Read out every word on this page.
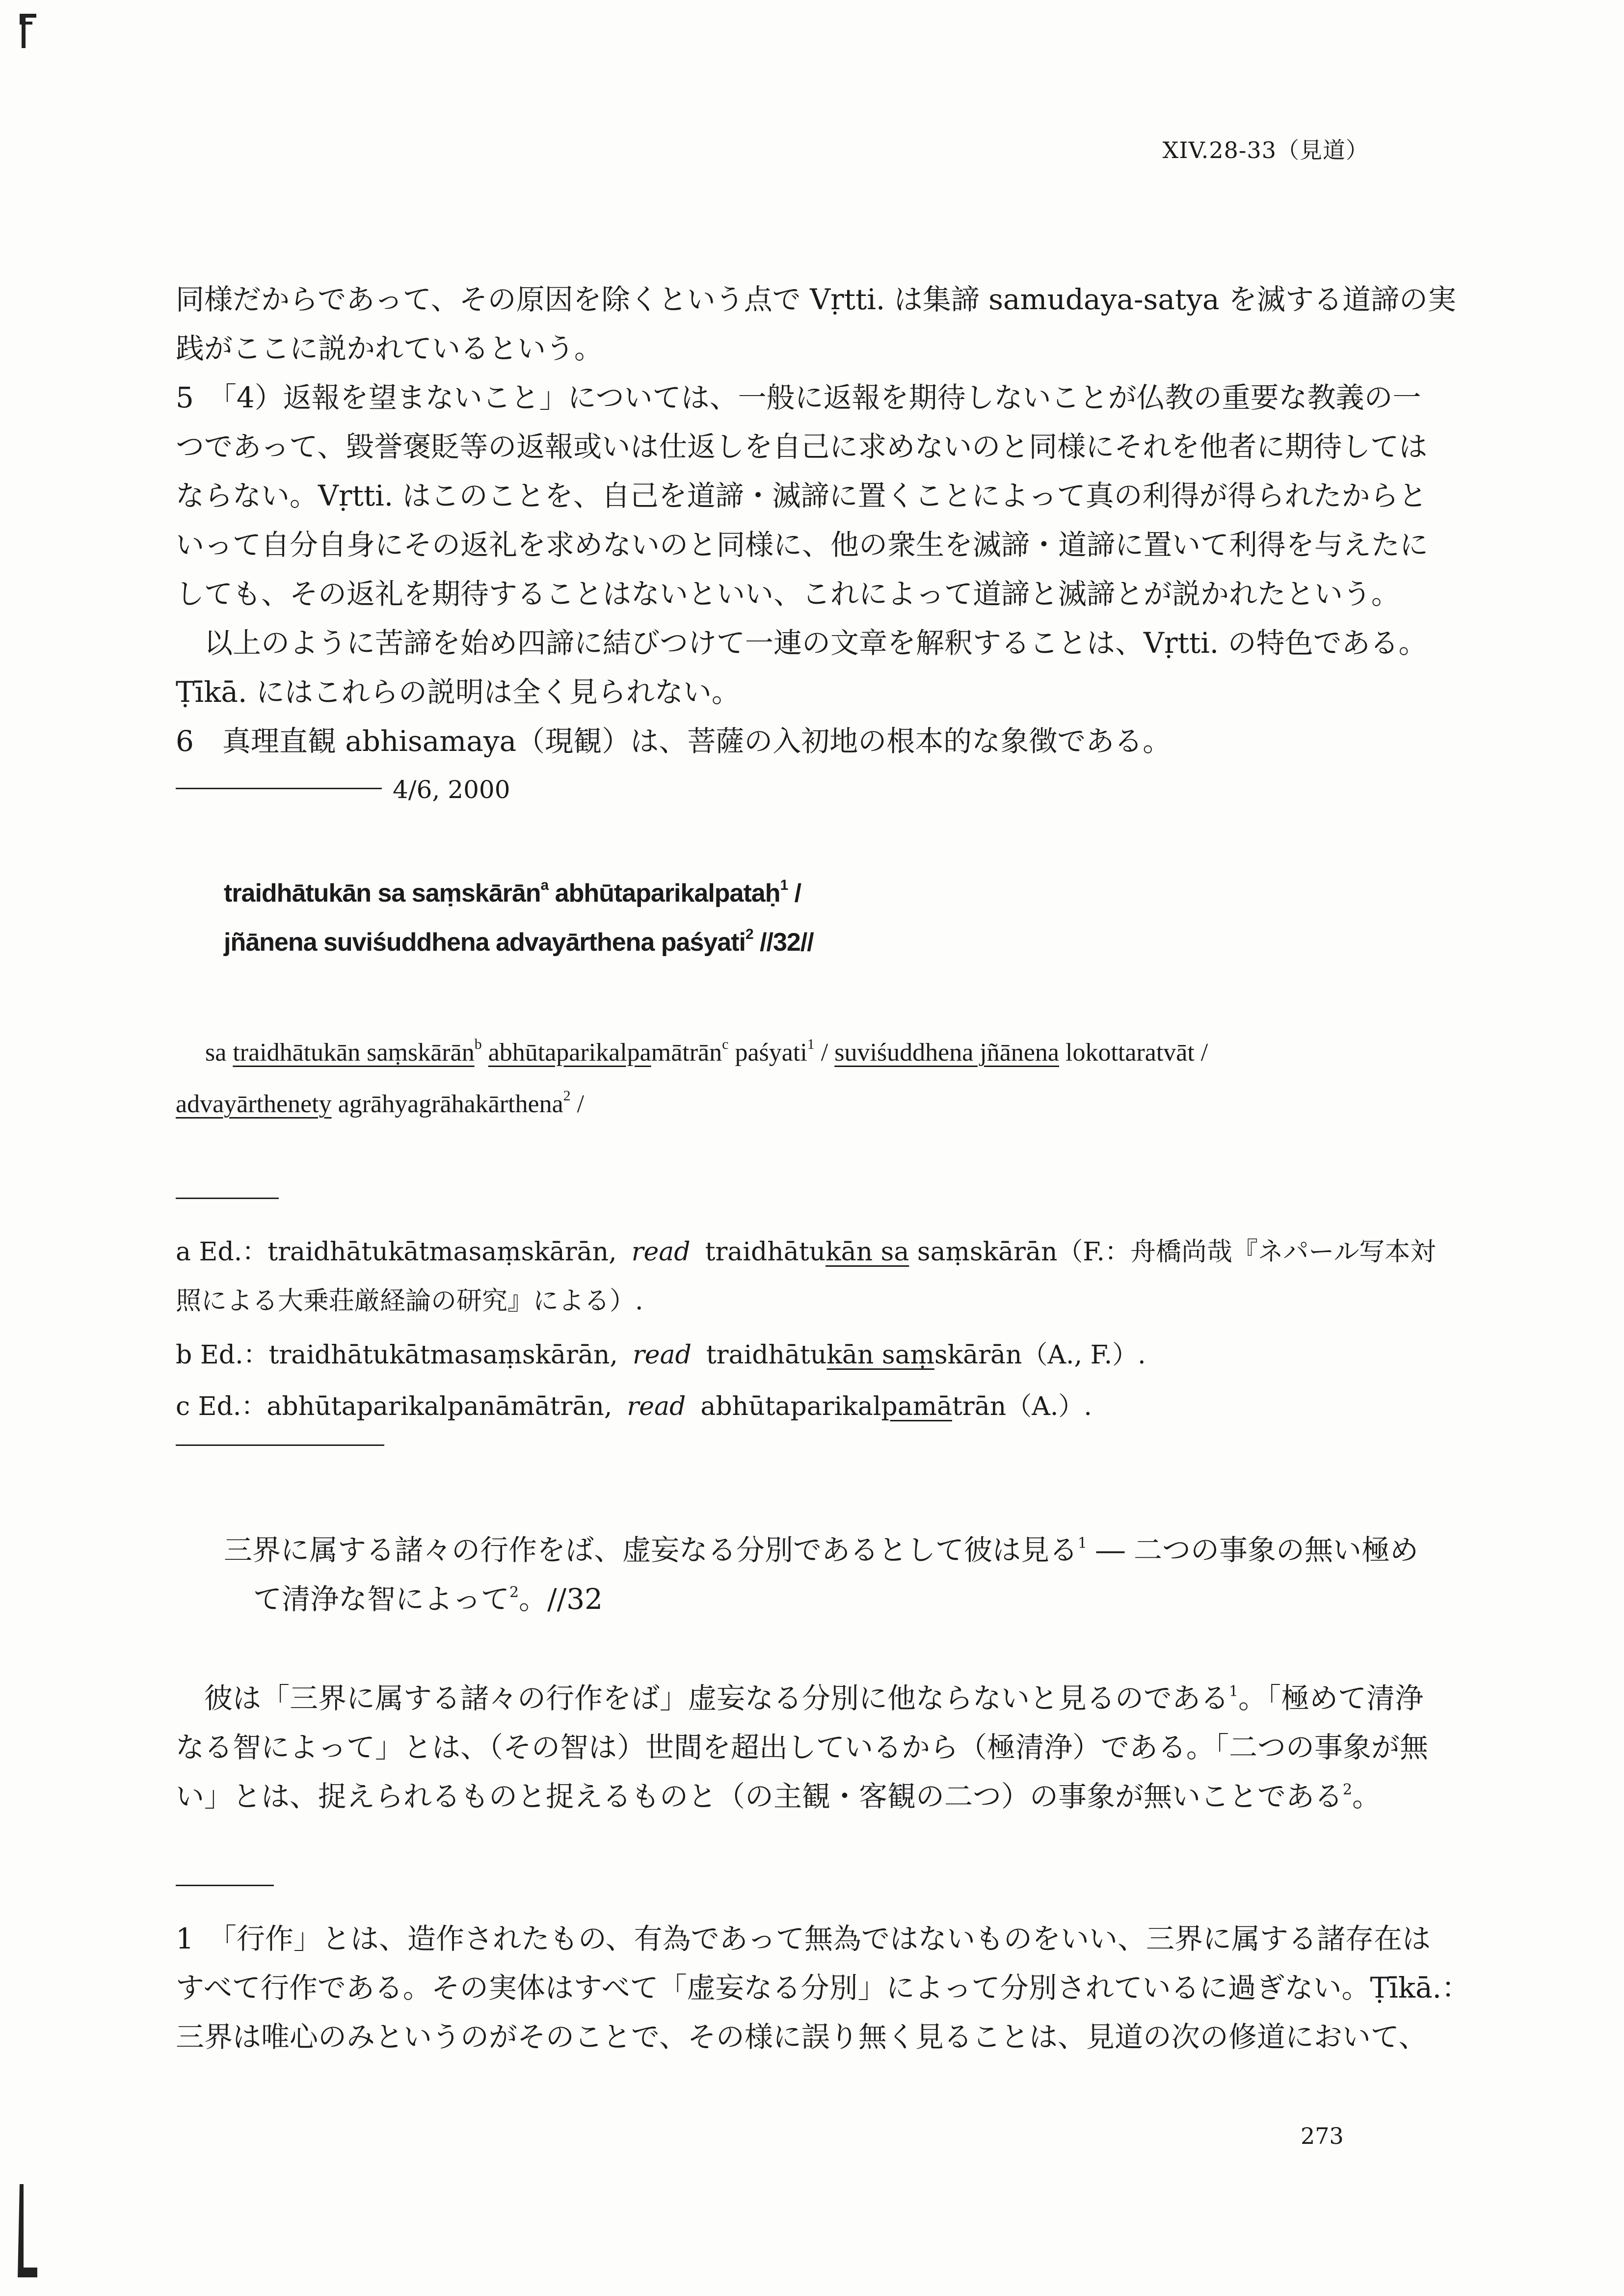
XIV.28-33（見道）

同様だからであって、その原因を除くという点で Vṛtti. は集諦 samudaya-satya を滅する道諦の実

践がここに説かれているという。

5　「4）返報を望まないこと」については、一般に返報を期待しないことが仏教の重要な教義の一

つであって、毀誉褒貶等の返報或いは仕返しを自己に求めないのと同様にそれを他者に期待しては

ならない。Vṛtti. はこのことを、自己を道諦・滅諦に置くことによって真の利得が得られたからと

いって自分自身にその返礼を求めないのと同様に、他の衆生を滅諦・道諦に置いて利得を与えたに

しても、その返礼を期待することはないといい、これによって道諦と滅諦とが説かれたという。

以上のように苦諦を始め四諦に結びつけて一連の文章を解釈することは、Vṛtti. の特色である。

Ṭīkā. にはこれらの説明は全く見られない。

6　真理直観 abhisamaya（現観）は、菩薩の入初地の根本的な象徴である。

4/6, 2000
traidhātukān sa saṃskārān$^a$ abhūtaparikalpataḥ$^1$ /
jñānena suviśuddhena advayārthena paśyati$^2$ //32//
sa traidhātukān saṃskārān$^b$ abhūtaparikalpamātrān$^c$ paśyati$^1$ / suviśuddhena jñānena lokottaratvāt /
advayārthenety agrāhyagrāhakārthena$^2$ /
a Ed.：traidhātukātmasaṃskārān, read traidhātukān sa saṃskārān（F.：舟橋尚哉『ネパール写本対
照による大乗荘厳経論の研究』による）.
b Ed.：traidhātukātmasaṃskārān, read traidhātukān saṃskārān（A., F.）.
c Ed.：abhūtaparikalpanāmātrān, read abhūtaparikalpamātrān（A.）.
三界に属する諸々の行作をば、虚妄なる分別であるとして彼は見る$^1$ ― 二つの事象の無い極め
て清浄な智によって$^2$。//32

彼は「三界に属する諸々の行作をば」虚妄なる分別に他ならないと見るのである$^1$。「極めて清浄

なる智によって」とは、（その智は）世間を超出しているから（極清浄）である。「二つの事象が無

い」とは、捉えられるものと捉えるものと（の主観・客観の二つ）の事象が無いことである$^2$。

1　「行作」とは、造作されたもの、有為であって無為ではないものをいい、三界に属する諸存在は

すべて行作である。その実体はすべて「虚妄なる分別」によって分別されているに過ぎない。Ṭīkā.：

三界は唯心のみというのがそのことで、その様に誤り無く見ることは、見道の次の修道において、

273
